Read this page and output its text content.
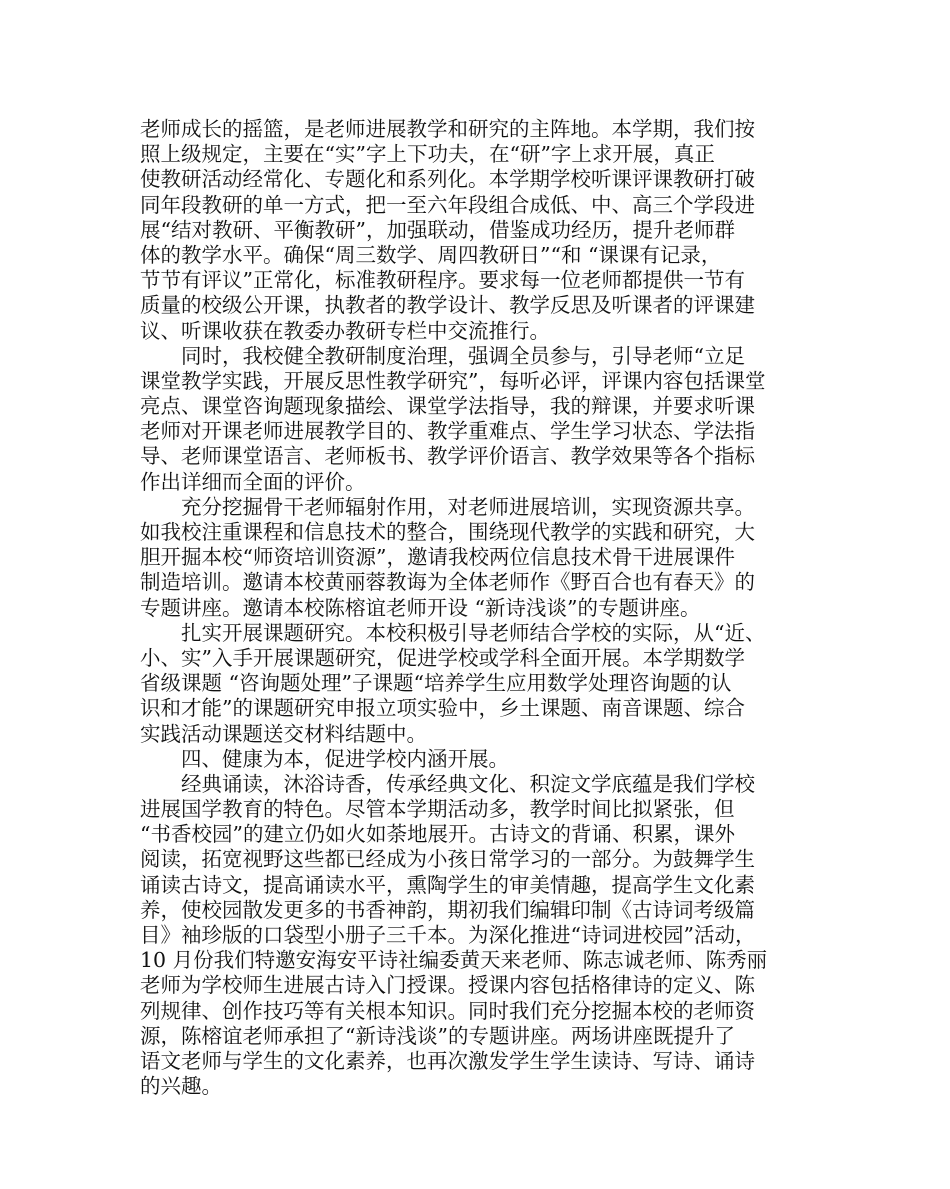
老师成长的摇篮，是老师进展教学和研究的主阵地。本学期，我们按
照上级规定，主要在“实”字上下功夫，在“研”字上求开展，真正
使教研活动经常化、专题化和系列化。本学期学校听课评课教研打破
同年段教研的单一方式，把一至六年段组合成低、中、高三个学段进
展“结对教研、平衡教研”，加强联动，借鉴成功经历，提升老师群
体的教学水平。确保“周三数学、周四教研日”“和 “课课有记录，
节节有评议”正常化，标准教研程序。要求每一位老师都提供一节有
质量的校级公开课，执教者的教学设计、教学反思及听课者的评课建
议、听课收获在教委办教研专栏中交流推行。
同时，我校健全教研制度治理，强调全员参与，引导老师“立足
课堂教学实践，开展反思性教学研究”，每听必评，评课内容包括课堂
亮点、课堂咨询题现象描绘、课堂学法指导，我的辩课，并要求听课
老师对开课老师进展教学目的、教学重难点、学生学习状态、学法指
导、老师课堂语言、老师板书、教学评价语言、教学效果等各个指标
作出详细而全面的评价。
充分挖掘骨干老师辐射作用，对老师进展培训，实现资源共享。
如我校注重课程和信息技术的整合，围绕现代教学的实践和研究，大
胆开掘本校“师资培训资源”，邀请我校两位信息技术骨干进展课件
制造培训。邀请本校黄丽蓉教诲为全体老师作《野百合也有春天》的
专题讲座。邀请本校陈榕谊老师开设 “新诗浅谈”的专题讲座。
扎实开展课题研究。本校积极引导老师结合学校的实际，从“近、
小、实”入手开展课题研究，促进学校或学科全面开展。本学期数学
省级课题 “咨询题处理”子课题“培养学生应用数学处理咨询题的认
识和才能”的课题研究申报立项实验中，乡土课题、南音课题、综合
实践活动课题送交材料结题中。
四、健康为本，促进学校内涵开展。
经典诵读，沐浴诗香，传承经典文化、积淀文学底蕴是我们学校
进展国学教育的特色。尽管本学期活动多，教学时间比拟紧张，但
“书香校园”的建立仍如火如荼地展开。古诗文的背诵、积累，课外
阅读，拓宽视野这些都已经成为小孩日常学习的一部分。为鼓舞学生
诵读古诗文，提高诵读水平，熏陶学生的审美情趣，提高学生文化素
养，使校园散发更多的书香神韵，期初我们编辑印制《古诗词考级篇
目》袖珍版的口袋型小册子三千本。为深化推进“诗词进校园”活动，
10 月份我们特邀安海安平诗社编委黄天来老师、陈志诚老师、陈秀丽
老师为学校师生进展古诗入门授课。授课内容包括格律诗的定义、陈
列规律、创作技巧等有关根本知识。同时我们充分挖掘本校的老师资
源，陈榕谊老师承担了“新诗浅谈”的专题讲座。两场讲座既提升了
语文老师与学生的文化素养，也再次激发学生学生读诗、写诗、诵诗
的兴趣。
